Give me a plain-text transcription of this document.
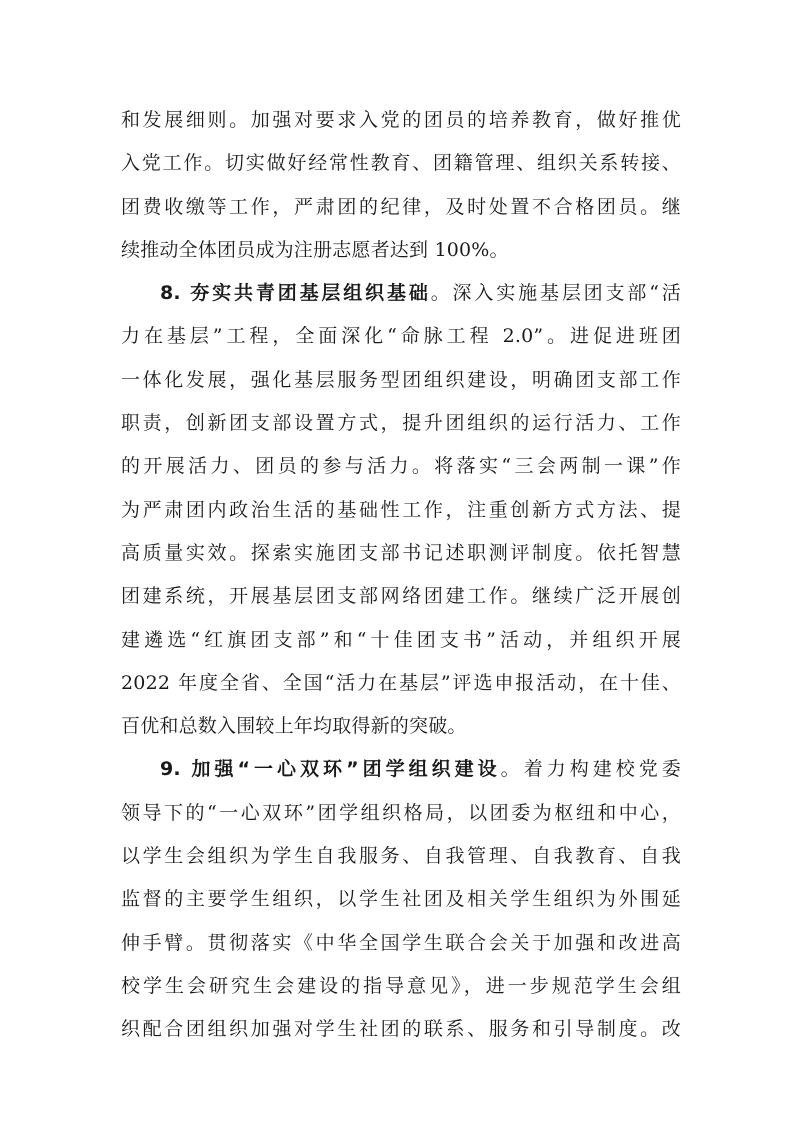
和发展细则。加强对要求入党的团员的培养教育，做好推优
入党工作。切实做好经常性教育、团籍管理、组织关系转接、
团费收缴等工作，严肃团的纪律，及时处置不合格团员。继
续推动全体团员成为注册志愿者达到 100%。
8. 夯实共青团基层组织基础。深入实施基层团支部“活
力在基层”工程，全面深化“命脉工程 2.0”。进促进班团
一体化发展，强化基层服务型团组织建设，明确团支部工作
职责，创新团支部设置方式，提升团组织的运行活力、工作
的开展活力、团员的参与活力。将落实“三会两制一课”作
为严肃团内政治生活的基础性工作，注重创新方式方法、提
高质量实效。探索实施团支部书记述职测评制度。依托智慧
团建系统，开展基层团支部网络团建工作。继续广泛开展创
建遴选“红旗团支部”和“十佳团支书”活动，并组织开展
2022 年度全省、全国“活力在基层”评选申报活动，在十佳、
百优和总数入围较上年均取得新的突破。
9. 加强“一心双环”团学组织建设。着力构建校党委
领导下的“一心双环”团学组织格局，以团委为枢纽和中心，
以学生会组织为学生自我服务、自我管理、自我教育、自我
监督的主要学生组织，以学生社团及相关学生组织为外围延
伸手臂。贯彻落实《中华全国学生联合会关于加强和改进高
校学生会研究生会建设的指导意见》，进一步规范学生会组
织配合团组织加强对学生社团的联系、服务和引导制度。改
